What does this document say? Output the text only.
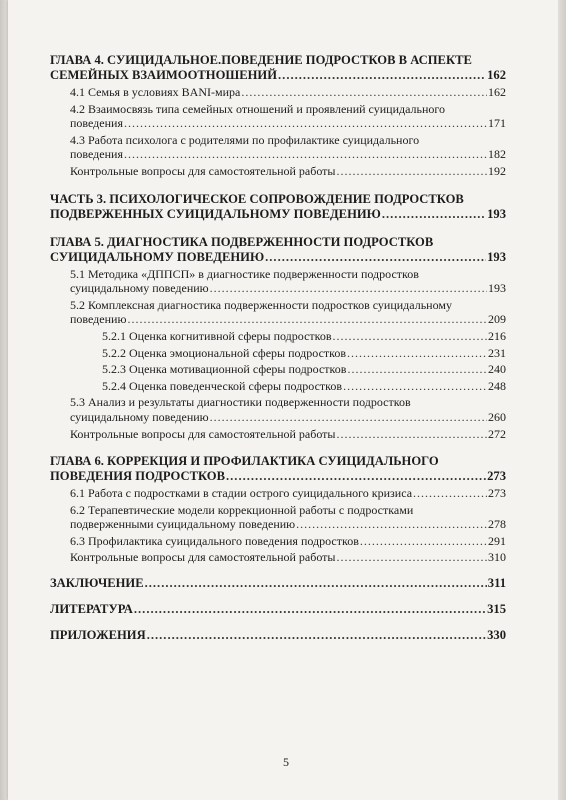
ГЛАВА 4. СУИЦИДАЛЬНОЕ.ПОВЕДЕНИЕ ПОДРОСТКОВ В АСПЕКТЕ
СЕМЕЙНЫХ ВЗАИМООТНОШЕНИЙ .....	162
4.1 Семья в условиях BANI-мира .....	162
4.2 Взаимосвязь типа семейных отношений и проявлений суицидального
поведения .....	171
4.3 Работа психолога с родителями по профилактике суицидального
поведения .....	182
Контрольные вопросы для самостоятельной работы .....	192
ЧАСТЬ 3. ПСИХОЛОГИЧЕСКОЕ СОПРОВОЖДЕНИЕ ПОДРОСТКОВ
ПОДВЕРЖЕННЫХ СУИЦИДАЛЬНОМУ ПОВЕДЕНИЮ .....	193
ГЛАВА 5. ДИАГНОСТИКА ПОДВЕРЖЕННОСТИ ПОДРОСТКОВ
СУИЦИДАЛЬНОМУ ПОВЕДЕНИЮ .....	193
5.1 Методика «ДППСП» в диагностике подверженности подростков
суицидальному поведению .....	193
5.2 Комплексная диагностика подверженности подростков суицидальному
поведению .....	209
5.2.1 Оценка когнитивной сферы подростков .....	216
5.2.2 Оценка эмоциональной сферы подростков .....	231
5.2.3 Оценка мотивационной сферы подростков .....	240
5.2.4 Оценка поведенческой сферы подростков .....	248
5.3 Анализ и результаты диагностики подверженности подростков
суицидальному поведению .....	260
Контрольные вопросы для самостоятельной работы .....	272
ГЛАВА 6. КОРРЕКЦИЯ И ПРОФИЛАКТИКА СУИЦИДАЛЬНОГО
ПОВЕДЕНИЯ ПОДРОСТКОВ .....	273
6.1 Работа с подростками в стадии острого суицидального кризиса .....	273
6.2 Терапевтические модели коррекционной работы с подростками
подверженными суицидальному поведению .....	278
6.3 Профилактика суицидального поведения подростков .....	291
Контрольные вопросы для самостоятельной работы .....	310
ЗАКЛЮЧЕНИЕ .....	311
ЛИТЕРАТУРА .....	315
ПРИЛОЖЕНИЯ .....	330
5
